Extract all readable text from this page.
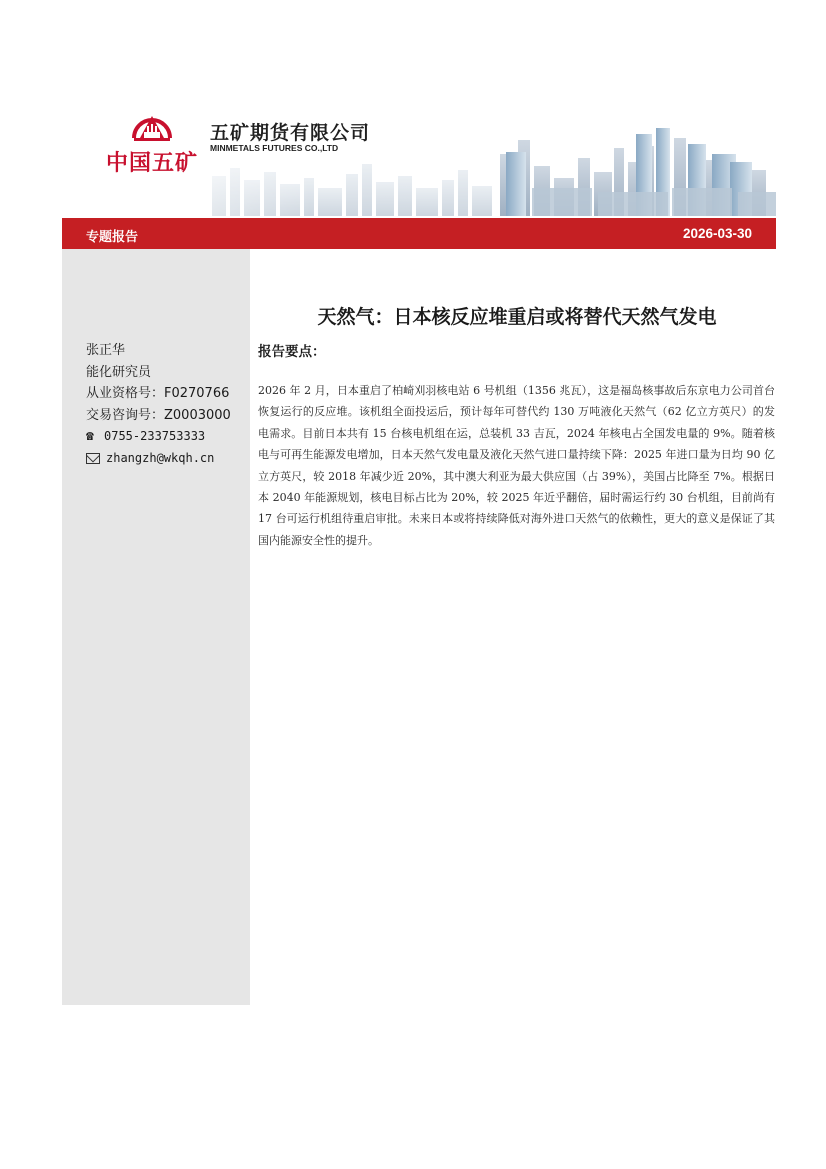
中国五矿
五矿期货有限公司
MINMETALS FUTURES CO.,LTD
专题报告	2026-03-30
张正华
能化研究员
从业资格号：F0270766
交易咨询号：Z0003000
☎ 0755-233753333
zhangzh@wkqh.cn
天然气：日本核反应堆重启或将替代天然气发电
报告要点：

2026 年 2 月，日本重启了柏崎刈羽核电站 6 号机组（1356 兆瓦），这是福岛核事故后东京电力公司首台恢复运行的反应堆。该机组全面投运后，预计每年可替代约 130 万吨液化天然气（62 亿立方英尺）的发电需求。目前日本共有 15 台核电机组在运，总装机 33 吉瓦，2024 年核电占全国发电量的 9%。随着核电与可再生能源发电增加，日本天然气发电量及液化天然气进口量持续下降：2025 年进口量为日均 90 亿立方英尺，较 2018 年减少近 20%，其中澳大利亚为最大供应国（占 39%），美国占比降至 7%。根据日本 2040 年能源规划，核电目标占比为 20%，较 2025 年近乎翻倍，届时需运行约 30 台机组，目前尚有 17 台可运行机组待重启审批。未来日本或将持续降低对海外进口天然气的依赖性，更大的意义是保证了其国内能源安全性的提升。
